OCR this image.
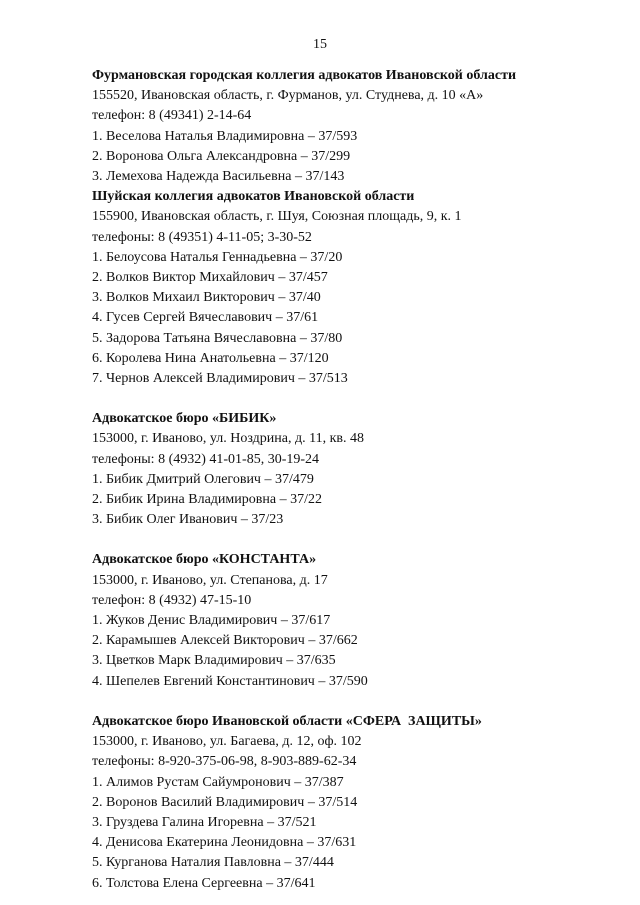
15
Фурмановская городская коллегия адвокатов Ивановской области
155520, Ивановская область, г. Фурманов, ул. Студнева, д. 10 «А»
телефон: 8 (49341) 2-14-64
1. Веселова Наталья Владимировна – 37/593
2. Воронова Ольга Александровна – 37/299
3. Лемехова Надежда Васильевна – 37/143
Шуйская коллегия адвокатов Ивановской области
155900, Ивановская область, г. Шуя, Союзная площадь, 9, к. 1
телефоны: 8 (49351) 4-11-05; 3-30-52
1. Белоусова Наталья Геннадьевна – 37/20
2. Волков Виктор Михайлович – 37/457
3. Волков Михаил Викторович – 37/40
4. Гусев Сергей Вячеславович – 37/61
5. Задорова Татьяна Вячеславовна – 37/80
6. Королева Нина Анатольевна – 37/120
7. Чернов Алексей Владимирович – 37/513
Адвокатское бюро «БИБИК»
153000, г. Иваново, ул. Ноздрина, д. 11, кв. 48
телефоны: 8 (4932) 41-01-85, 30-19-24
1. Бибик Дмитрий Олегович – 37/479
2. Бибик Ирина Владимировна – 37/22
3. Бибик Олег Иванович – 37/23
Адвокатское бюро «КОНСТАНТА»
153000, г. Иваново, ул. Степанова, д. 17
телефон: 8 (4932) 47-15-10
1. Жуков Денис Владимирович – 37/617
2. Карамышев Алексей Викторович – 37/662
3. Цветков Марк Владимирович – 37/635
4. Шепелев Евгений Константинович – 37/590
Адвокатское бюро Ивановской области «СФЕРА  ЗАЩИТЫ»
153000, г. Иваново, ул. Багаева, д. 12, оф. 102
телефоны: 8-920-375-06-98, 8-903-889-62-34
1. Алимов Рустам Сайумронович – 37/387
2. Воронов Василий Владимирович – 37/514
3. Груздева Галина Игоревна – 37/521
4. Денисова Екатерина Леонидовна – 37/631
5. Курганова Наталия Павловна – 37/444
6. Толстова Елена Сергеевна – 37/641
